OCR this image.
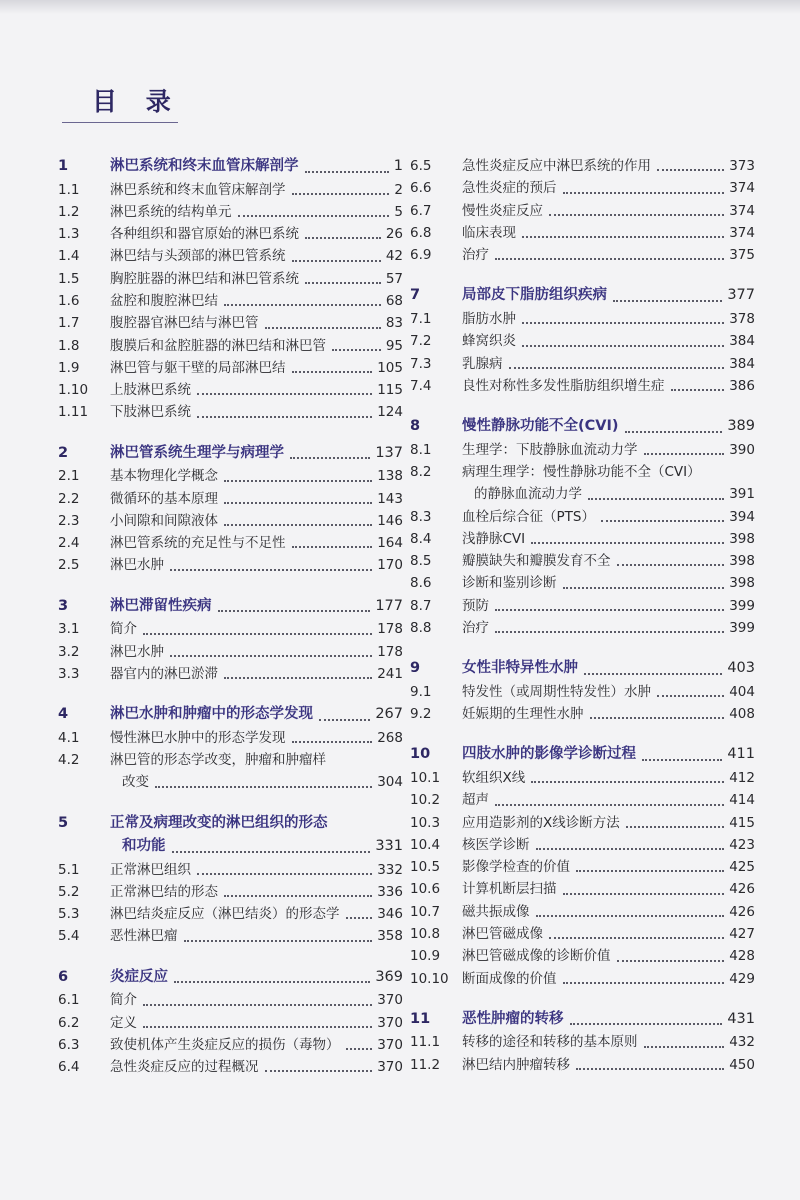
目 录
1	淋巴系统和终末血管床解剖学	1
1.1	淋巴系统和终末血管床解剖学	2
1.2	淋巴系统的结构单元	5
1.3	各种组织和器官原始的淋巴系统	26
1.4	淋巴结与头颈部的淋巴管系统	42
1.5	胸腔脏器的淋巴结和淋巴管系统	57
1.6	盆腔和腹腔淋巴结	68
1.7	腹腔器官淋巴结与淋巴管	83
1.8	腹膜后和盆腔脏器的淋巴结和淋巴管	95
1.9	淋巴管与躯干壁的局部淋巴结	105
1.10	上肢淋巴系统	115
1.11	下肢淋巴系统	124
2	淋巴管系统生理学与病理学	137
2.1	基本物理化学概念	138
2.2	微循环的基本原理	143
2.3	小间隙和间隙液体	146
2.4	淋巴管系统的充足性与不足性	164
2.5	淋巴水肿	170
3	淋巴滞留性疾病	177
3.1	简介	178
3.2	淋巴水肿	178
3.3	器官内的淋巴淤滞	241
4	淋巴水肿和肿瘤中的形态学发现	267
4.1	慢性淋巴水肿中的形态学发现	268
4.2	淋巴管的形态学改变，肿瘤和肿瘤样
改变	304
5	正常及病理改变的淋巴组织的形态
和功能	331
5.1	正常淋巴组织	332
5.2	正常淋巴结的形态	336
5.3	淋巴结炎症反应（淋巴结炎）的形态学	346
5.4	恶性淋巴瘤	358
6	炎症反应	369
6.1	简介	370
6.2	定义	370
6.3	致使机体产生炎症反应的损伤（毒物）	370
6.4	急性炎症反应的过程概况	370
6.5	急性炎症反应中淋巴系统的作用	373
6.6	急性炎症的预后	374
6.7	慢性炎症反应	374
6.8	临床表现	374
6.9	治疗	375
7	局部皮下脂肪组织疾病	377
7.1	脂肪水肿	378
7.2	蜂窝织炎	384
7.3	乳腺病	384
7.4	良性对称性多发性脂肪组织增生症	386
8	慢性静脉功能不全(CVI)	389
8.1	生理学：下肢静脉血流动力学	390
8.2	病理生理学：慢性静脉功能不全（CVI）
的静脉血流动力学	391
8.3	血栓后综合征（PTS）	394
8.4	浅静脉CVI	398
8.5	瓣膜缺失和瓣膜发育不全	398
8.6	诊断和鉴别诊断	398
8.7	预防	399
8.8	治疗	399
9	女性非特异性水肿	403
9.1	特发性（或周期性特发性）水肿	404
9.2	妊娠期的生理性水肿	408
10	四肢水肿的影像学诊断过程	411
10.1	软组织X线	412
10.2	超声	414
10.3	应用造影剂的X线诊断方法	415
10.4	核医学诊断	423
10.5	影像学检查的价值	425
10.6	计算机断层扫描	426
10.7	磁共振成像	426
10.8	淋巴管磁成像	427
10.9	淋巴管磁成像的诊断价值	428
10.10 断面成像的价值	429
11	恶性肿瘤的转移	431
11.1	转移的途径和转移的基本原则	432
11.2	淋巴结内肿瘤转移	450
